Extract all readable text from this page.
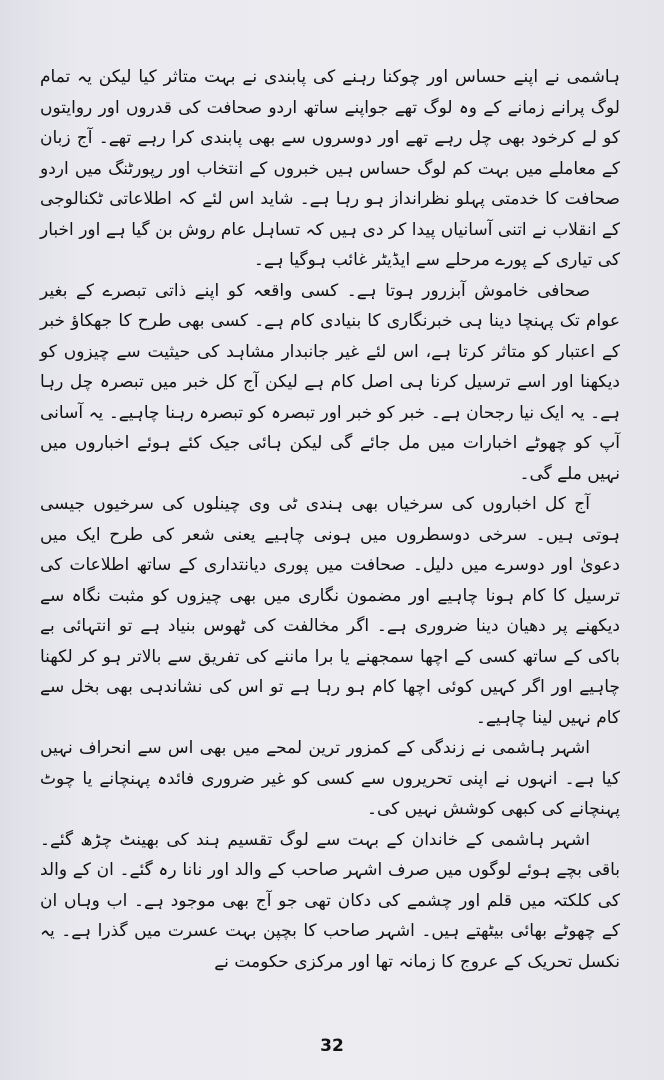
ہاشمی نے اپنے حساس اور چوکنا رہنے کی پابندی نے بہت متاثر کیا لیکن یہ تمام لوگ پرانے زمانے کے وہ لوگ تھے جواپنے ساتھ اردو صحافت کی قدروں اور روایتوں کو لے کرخود بھی چل رہے تھے اور دوسروں سے بھی پابندی کرا رہے تھے۔ آج زبان کے معاملے میں بہت کم لوگ حساس ہیں خبروں کے انتخاب اور رپورٹنگ میں اردو صحافت کا خدمتی پہلو نظرانداز ہو رہا ہے۔ شاید اس لئے کہ اطلاعاتی ٹکنالوجی کے انقلاب نے اتنی آسانیاں پیدا کر دی ہیں کہ تساہل عام روش بن گیا ہے اور اخبار کی تیاری کے پورے مرحلے سے ایڈیٹر غائب ہوگیا ہے۔

صحافی خاموش آبزرور ہوتا ہے۔ کسی واقعہ کو اپنے ذاتی تبصرے کے بغیر عوام تک پہنچا دینا ہی خبرنگاری کا بنیادی کام ہے۔ کسی بھی طرح کا جھکاؤ خبر کے اعتبار کو متاثر کرتا ہے، اس لئے غیر جانبدار مشاہد کی حیثیت سے چیزوں کو دیکھنا اور اسے ترسیل کرنا ہی اصل کام ہے لیکن آج کل خبر میں تبصرہ چل رہا ہے۔ یہ ایک نیا رجحان ہے۔ خبر کو خبر اور تبصرہ کو تبصرہ رہنا چاہیے۔ یہ آسانی آپ کو چھوٹے اخبارات میں مل جائے گی لیکن ہائی جیک کئے ہوئے اخباروں میں نہیں ملے گی۔

آج کل اخباروں کی سرخیاں بھی ہندی ٹی وی چینلوں کی سرخیوں جیسی ہوتی ہیں۔ سرخی دوسطروں میں ہونی چاہیے یعنی شعر کی طرح ایک میں دعویٰ اور دوسرے میں دلیل۔ صحافت میں پوری دیانتداری کے ساتھ اطلاعات کی ترسیل کا کام ہونا چاہیے اور مضمون نگاری میں بھی چیزوں کو مثبت نگاہ سے دیکھنے پر دھیان دینا ضروری ہے۔ اگر مخالفت کی ٹھوس بنیاد ہے تو انتہائی بے باکی کے ساتھ کسی کے اچھا سمجھنے یا برا ماننے کی تفریق سے بالاتر ہو کر لکھنا چاہیے اور اگر کہیں کوئی اچھا کام ہو رہا ہے تو اس کی نشاندہی بھی بخل سے کام نہیں لینا چاہیے۔

اشہر ہاشمی نے زندگی کے کمزور ترین لمحے میں بھی اس سے انحراف نہیں کیا ہے۔ انہوں نے اپنی تحریروں سے کسی کو غیر ضروری فائدہ پہنچانے یا چوٹ پہنچانے کی کبھی کوشش نہیں کی۔

اشہر ہاشمی کے خاندان کے بہت سے لوگ تقسیم ہند کی بھینٹ چڑھ گئے۔ باقی بچے ہوئے لوگوں میں صرف اشہر صاحب کے والد اور نانا رہ گئے۔ ان کے والد کی کلکتہ میں قلم اور چشمے کی دکان تھی جو آج بھی موجود ہے۔ اب وہاں ان کے چھوٹے بھائی بیٹھتے ہیں۔ اشہر صاحب کا بچپن بہت عسرت میں گذرا ہے۔ یہ نکسل تحریک کے عروج کا زمانہ تھا اور مرکزی حکومت نے

32
